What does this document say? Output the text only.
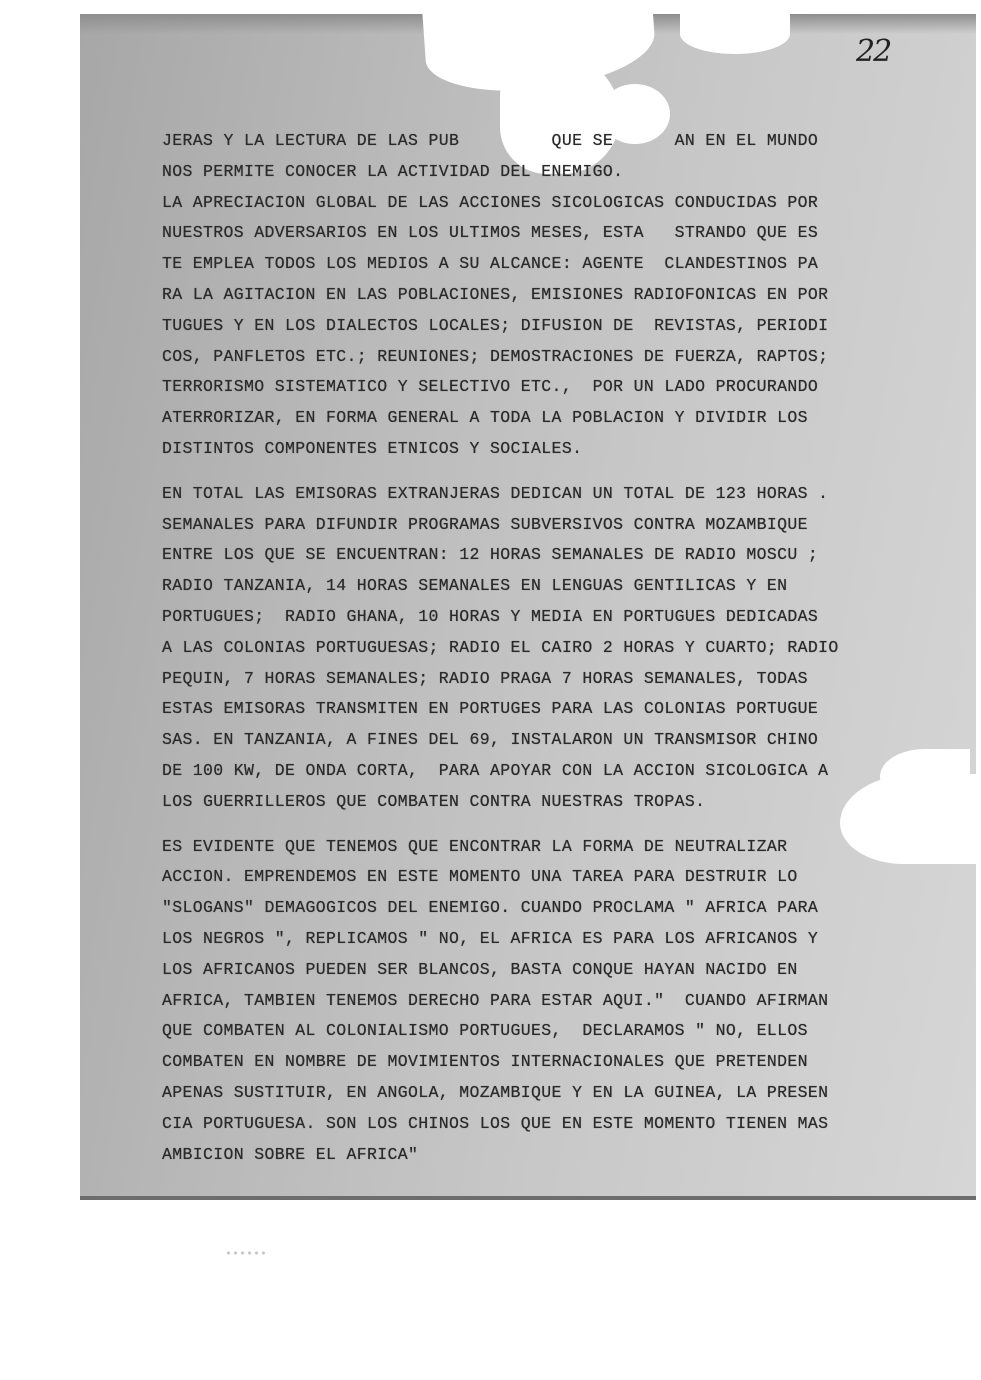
22
JERAS Y LA LECTURA DE LAS PUB         QUE SE      AN EN EL MUNDO
NOS PERMITE CONOCER LA ACTIVIDAD DEL ENEMIGO.
LA APRECIACION GLOBAL DE LAS ACCIONES SICOLOGICAS CONDUCIDAS POR
NUESTROS ADVERSARIOS EN LOS ULTIMOS MESES, ESTA   STRANDO QUE ES
TE EMPLEA TODOS LOS MEDIOS A SU ALCANCE: AGENTE  CLANDESTINOS PA
RA LA AGITACION EN LAS POBLACIONES, EMISIONES RADIOFONICAS EN POR
TUGUES Y EN LOS DIALECTOS LOCALES; DIFUSION DE  REVISTAS, PERIODI
COS, PANFLETOS ETC.; REUNIONES; DEMOSTRACIONES DE FUERZA, RAPTOS;
TERRORISMO SISTEMATICO Y SELECTIVO ETC.,  POR UN LADO PROCURANDO
ATERRORIZAR, EN FORMA GENERAL A TODA LA POBLACION Y DIVIDIR LOS
DISTINTOS COMPONENTES ETNICOS Y SOCIALES.
EN TOTAL LAS EMISORAS EXTRANJERAS DEDICAN UN TOTAL DE 123 HORAS .
SEMANALES PARA DIFUNDIR PROGRAMAS SUBVERSIVOS CONTRA MOZAMBIQUE
ENTRE LOS QUE SE ENCUENTRAN: 12 HORAS SEMANALES DE RADIO MOSCU ;
RADIO TANZANIA, 14 HORAS SEMANALES EN LENGUAS GENTILICAS Y EN
PORTUGUES;  RADIO GHANA, 10 HORAS Y MEDIA EN PORTUGUES DEDICADAS
A LAS COLONIAS PORTUGUESAS; RADIO EL CAIRO 2 HORAS Y CUARTO; RADIO
PEQUIN, 7 HORAS SEMANALES; RADIO PRAGA 7 HORAS SEMANALES, TODAS
ESTAS EMISORAS TRANSMITEN EN PORTUGES PARA LAS COLONIAS PORTUGUE
SAS. EN TANZANIA, A FINES DEL 69, INSTALARON UN TRANSMISOR CHINO
DE 100 KW, DE ONDA CORTA,  PARA APOYAR CON LA ACCION SICOLOGICA A
LOS GUERRILLEROS QUE COMBATEN CONTRA NUESTRAS TROPAS.
ES EVIDENTE QUE TENEMOS QUE ENCONTRAR LA FORMA DE NEUTRALIZAR
ACCION. EMPRENDEMOS EN ESTE MOMENTO UNA TAREA PARA DESTRUIR LO
"SLOGANS" DEMAGOGICOS DEL ENEMIGO. CUANDO PROCLAMA " AFRICA PARA
LOS NEGROS ", REPLICAMOS " NO, EL AFRICA ES PARA LOS AFRICANOS Y
LOS AFRICANOS PUEDEN SER BLANCOS, BASTA CONQUE HAYAN NACIDO EN
AFRICA, TAMBIEN TENEMOS DERECHO PARA ESTAR AQUI."  CUANDO AFIRMAN
QUE COMBATEN AL COLONIALISMO PORTUGUES,  DECLARAMOS " NO, ELLOS
COMBATEN EN NOMBRE DE MOVIMIENTOS INTERNACIONALES QUE PRETENDEN
APENAS SUSTITUIR, EN ANGOLA, MOZAMBIQUE Y EN LA GUINEA, LA PRESEN
CIA PORTUGUESA. SON LOS CHINOS LOS QUE EN ESTE MOMENTO TIENEN MAS
AMBICION SOBRE EL AFRICA"
